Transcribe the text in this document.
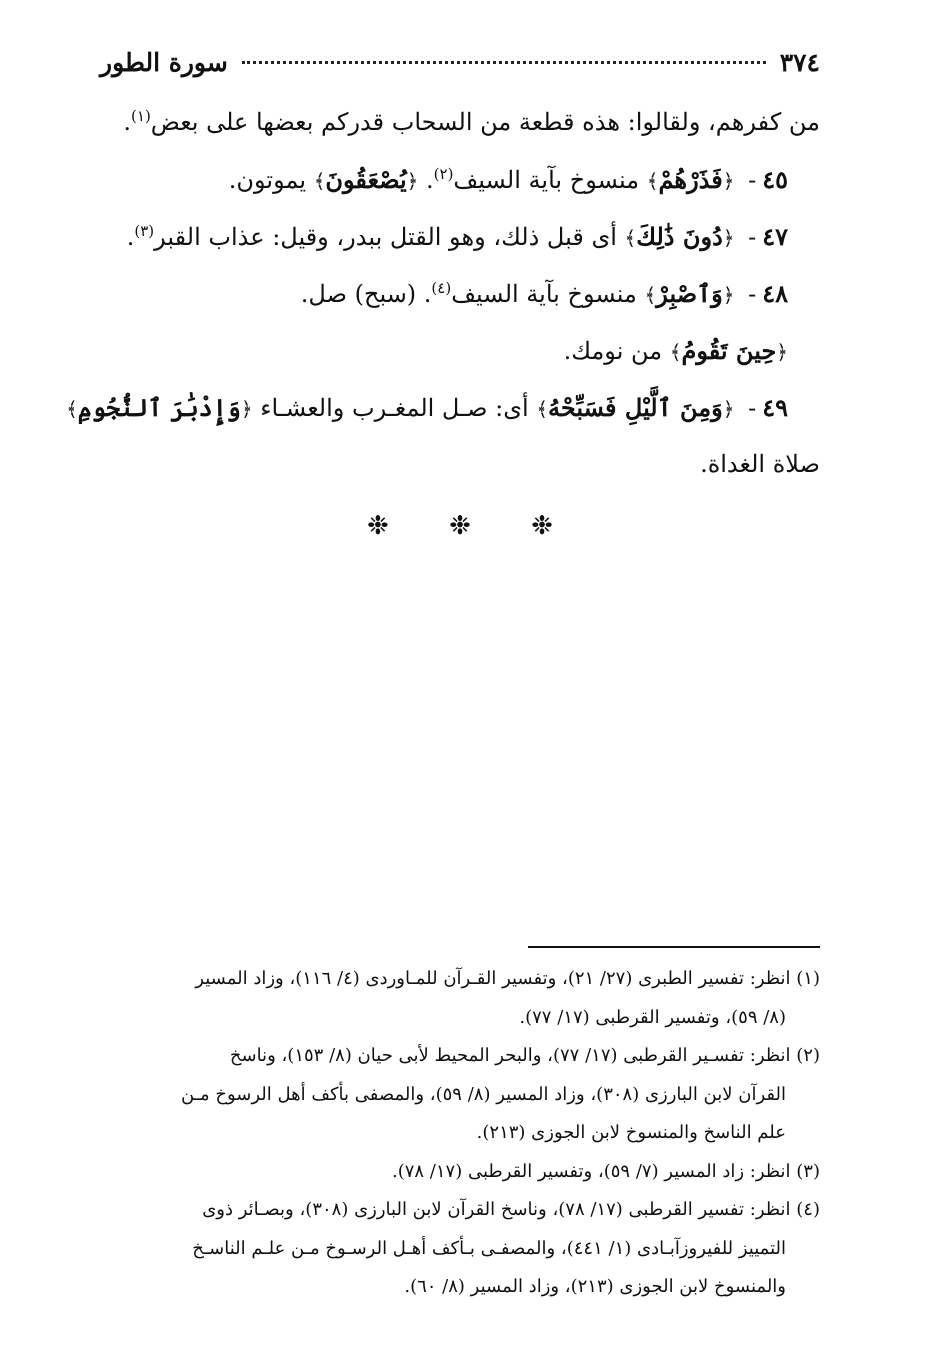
٣٧٤
سورة الطور
من كفرهم، ولقالوا: هذه قطعة من السحاب قدركم بعضها على بعض$^{(١)}$.
٤٥- ﴿فَذَرْهُمْ﴾ منسوخ بآية السيف$^{(٢)}$. ﴿يُصْعَقُونَ﴾ يموتون.
٤٧- ﴿دُونَ ذَٰلِكَ﴾ أى قبل ذلك، وهو القتل ببدر، وقيل: عذاب القبر$^{(٣)}$.
٤٨- ﴿وَٱصْبِرْ﴾ منسوخ بآية السيف$^{(٤)}$. (سبح) صل.
﴿حِينَ تَقُومُ﴾ من نومك.
٤٩- ﴿وَمِنَ ٱلَّيْلِ فَسَبِّحْهُ﴾ أى: صـل المغـرب والعشـاء ﴿وَإِدْبَٰرَ ٱلنُّجُومِ﴾
صلاة الغداة.
❉ ❉ ❉
(١) انظر: تفسير الطبرى (٢٧/ ٢١)، وتفسير القـرآن للمـاوردى (٤/ ١١٦)، وزاد المسير
(٨/ ٥٩)، وتفسير القرطبى (١٧/ ٧٧).
(٢) انظر: تفسـير القرطبى (١٧/ ٧٧)، والبحر المحيط لأبى حيان (٨/ ١٥٣)، وناسخ
القرآن لابن البارزى (٣٠٨)، وزاد المسير (٨/ ٥٩)، والمصفى بأكف أهل الرسوخ مـن
علم الناسخ والمنسوخ لابن الجوزى (٢١٣).
(٣) انظر: زاد المسير (٧/ ٥٩)، وتفسير القرطبى (١٧/ ٧٨).
(٤) انظر: تفسير القرطبى (١٧/ ٧٨)، وناسخ القرآن لابن البارزى (٣٠٨)، وبصـائر ذوى
التمييز للفيروزآبـادى (١/ ٤٤١)، والمصفـى بـأكف أهـل الرسـوخ مـن علـم الناسـخ
والمنسوخ لابن الجوزى (٢١٣)، وزاد المسير (٨/ ٦٠).
